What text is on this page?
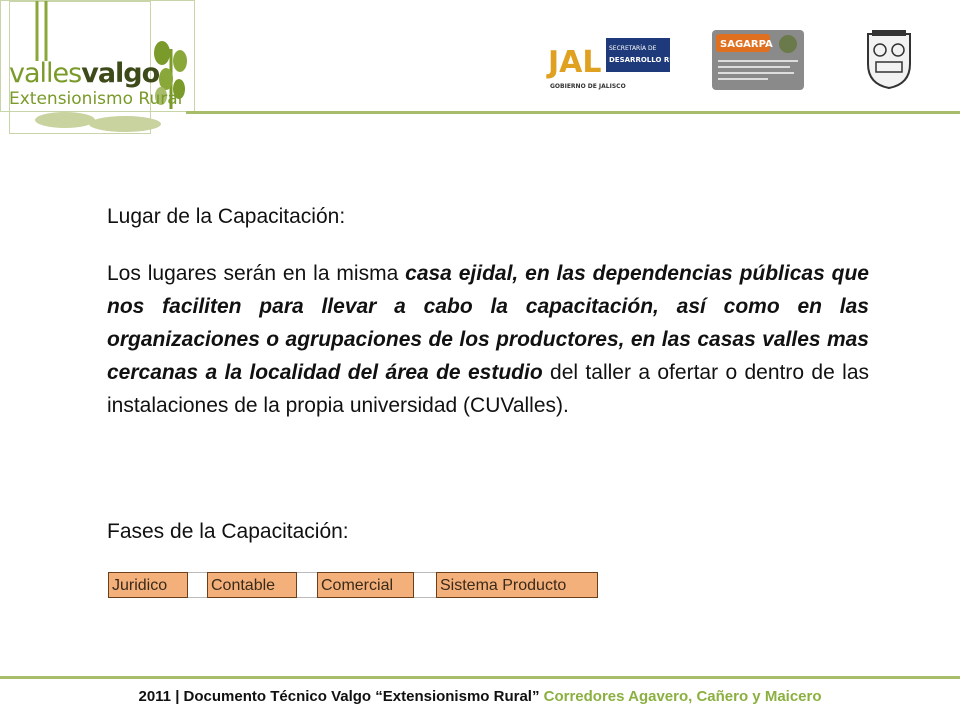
vallesvalgo
Extensionismo Rural
JAL SECRETARÍA DE
DESARROLLO RURAL
GOBIERNO DE JALISCO
SAGARPA
Lugar de la Capacitación:

Los lugares serán en la misma casa ejidal, en las dependencias públicas que nos faciliten para llevar a cabo la capacitación, así como en las organizaciones o agrupaciones de los productores, en las casas valles mas cercanas a la localidad del área de estudio del taller a ofertar o dentro de las instalaciones de la propia universidad (CUValles).

Fases de la Capacitación:
Juridico	Contable	Comercial	Sistema Producto
2011 | Documento Técnico Valgo “Extensionismo Rural” Corredores Agavero, Cañero y Maicero
